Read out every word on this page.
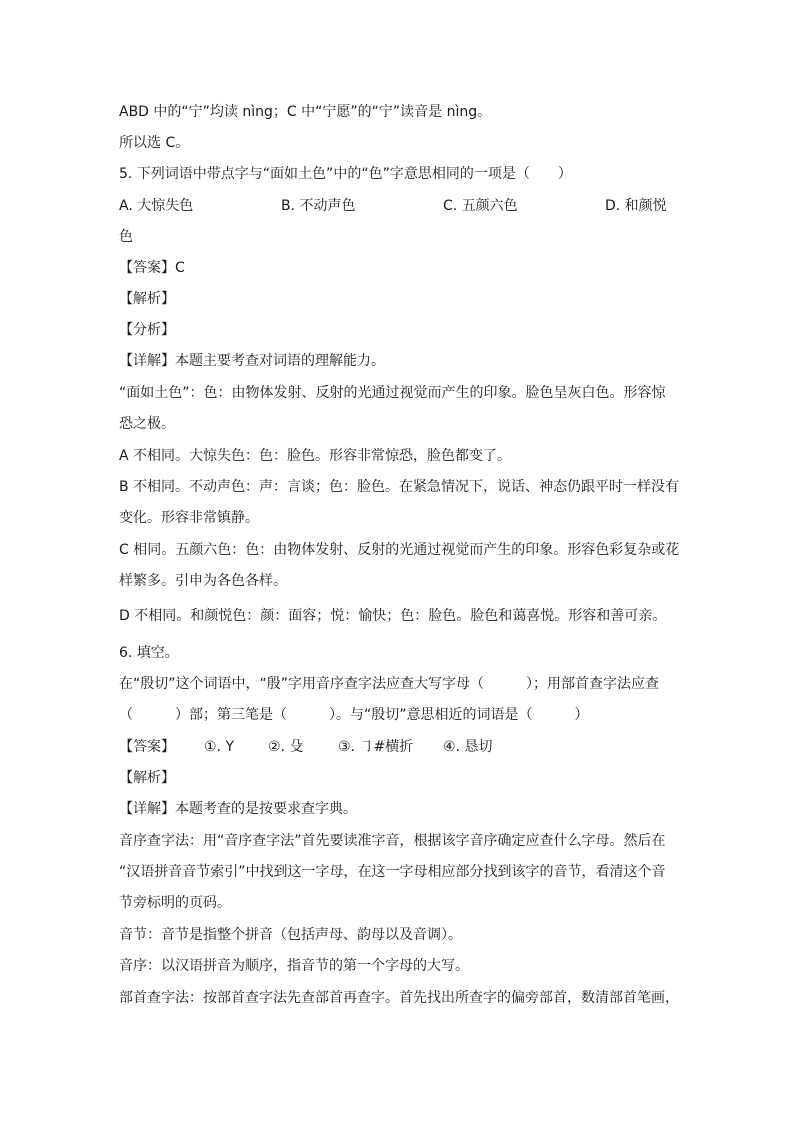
ABD 中的“宁”均读 nìng；C 中“宁愿”的“宁”读音是 nìng。
所以选 C。
5. 下列词语中带点字与“面如土色”中的“色”字意思相同的一项是（　　）
A. 大惊失色	B. 不动声色	C. 五颜六色	D. 和颜悦
色
【答案】C
【解析】
【分析】
【详解】本题主要考查对词语的理解能力。
“面如土色”：色：由物体发射、反射的光通过视觉而产生的印象。脸色呈灰白色。形容惊
恐之极。
A 不相同。大惊失色：色：脸色。形容非常惊恐，脸色都变了。
B 不相同。不动声色：声：言谈；色：脸色。在紧急情况下，说话、神态仍跟平时一样没有
变化。形容非常镇静。
C 相同。五颜六色：色：由物体发射、反射的光通过视觉而产生的印象。形容色彩复杂或花
样繁多。引申为各色各样。
D 不相同。和颜悦色：颜：面容；悦：愉快；色：脸色。脸色和蔼喜悦。形容和善可亲。
6. 填空。
在“殷切”这个词语中，“殷”字用音序查字法应查大写字母（　　　）；用部首查字法应查
（　　　）部；第三笔是（　　　）。与“殷切”意思相近的词语是（　　　）
【答案】 ①. Y ②. 殳 ③. ㇆#横折 ④. 恳切
【解析】
【详解】本题考查的是按要求查字典。
音序查字法：用“音序查字法”首先要读准字音，根据该字音序确定应查什么字母。然后在
“汉语拼音音节索引”中找到这一字母，在这一字母相应部分找到该字的音节，看清这个音
节旁标明的页码。
音节：音节是指整个拼音（包括声母、韵母以及音调）。
音序：以汉语拼音为顺序，指音节的第一个字母的大写。
部首查字法：按部首查字法先查部首再查字。首先找出所查字的偏旁部首，数清部首笔画，
